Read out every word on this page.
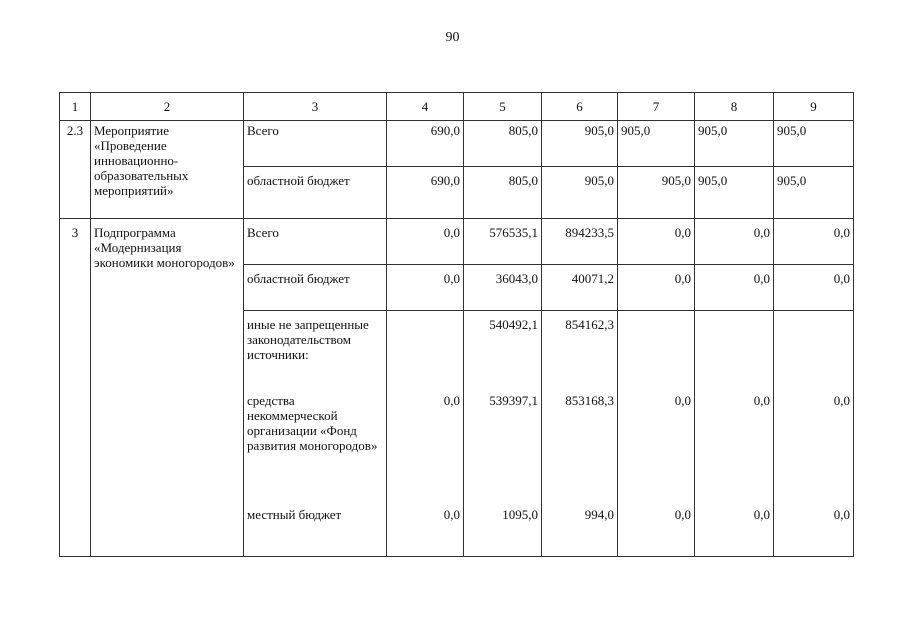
90
1	2	3	4	5	6	7	8	9
2.3	Мероприятие «Проведение инновационно-образовательных мероприятий»	Всего	690,0	805,0	905,0	905,0	905,0	905,0
		областной бюджет	690,0	805,0	905,0	905,0	905,0	905,0
3	Подпрограмма «Модернизация экономики моногородов»	Всего	0,0	576535,1	894233,5	0,0	0,0	0,0
		областной бюджет	0,0	36043,0	40071,2	0,0	0,0	0,0
		иные не запрещенные законодательством источники:		540492,1	854162,3			
		средства некоммерческой организации «Фонд развития моногородов»	0,0	539397,1	853168,3	0,0	0,0	0,0
		местный бюджет	0,0	1095,0	994,0	0,0	0,0	0,0
